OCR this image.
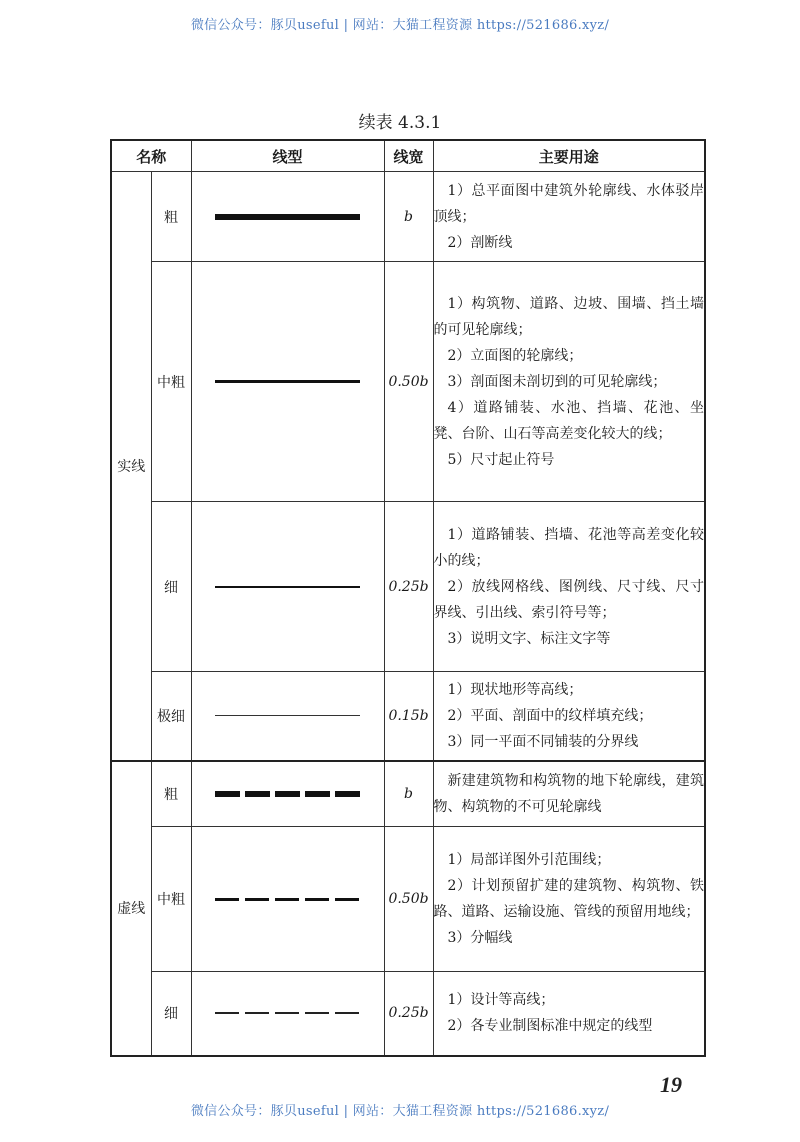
微信公众号：豚贝useful | 网站：大猫工程资源 https://521686.xyz/
续表 4.3.1
名称		线型	线宽	主要用途
实线	粗		b	1）总平面图中建筑外轮廓线、水体驳岸顶线；
2）剖断线

	中粗		0.50b	1）构筑物、道路、边坡、围墙、挡土墙的可见轮廓线；
2）立面图的轮廓线；
3）剖面图未剖切到的可见轮廓线；
4）道路铺装、水池、挡墙、花池、坐凳、台阶、山石等高差变化较大的线；
5）尺寸起止符号

	细		0.25b	1）道路铺装、挡墙、花池等高差变化较小的线；
2）放线网格线、图例线、尺寸线、尺寸界线、引出线、索引符号等；
3）说明文字、标注文字等

	极细		0.15b	1）现状地形等高线；
2）平面、剖面中的纹样填充线；
3）同一平面不同铺装的分界线

虚线	粗		b	新建建筑物和构筑物的地下轮廓线，建筑物、构筑物的不可见轮廓线

	中粗		0.50b	1）局部详图外引范围线；
2）计划预留扩建的建筑物、构筑物、铁路、道路、运输设施、管线的预留用地线；
3）分幅线

	细		0.25b	1）设计等高线；
2）各专业制图标准中规定的线型
19
微信公众号：豚贝useful | 网站：大猫工程资源 https://521686.xyz/
